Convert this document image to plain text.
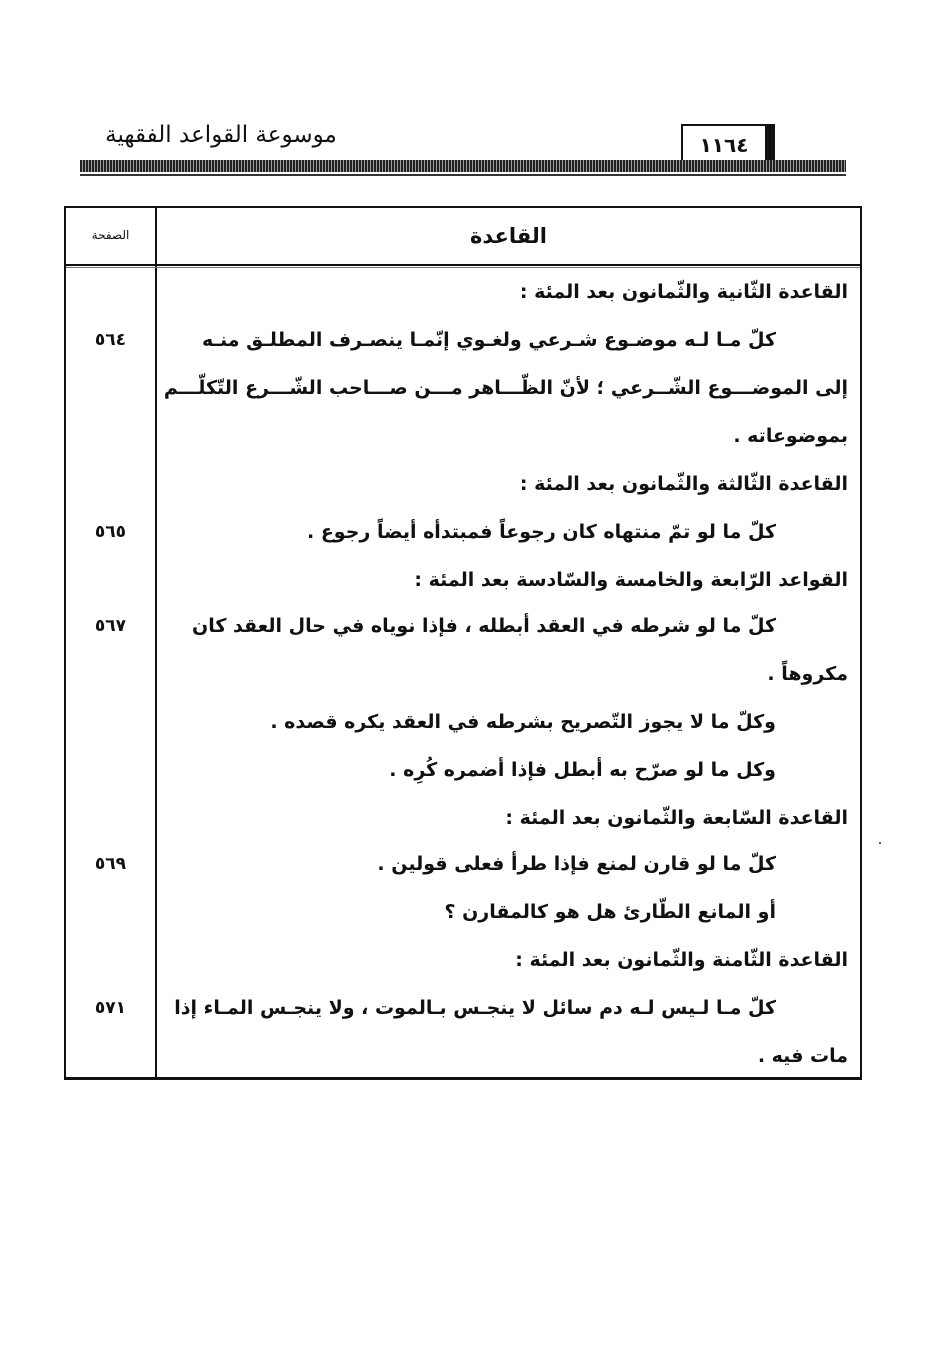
موسوعة القواعد الفقهية	١١٦٤
الصفحة	القاعدة
القاعدة الثّانية والثّمانون بعد المئة :
كلّ مـا لـه موضـوع شـرعي ولغـوي إنّمـا ينصـرف المطلـق منـه
٥٦٤
إلى الموضـــوع الشّــرعي ؛ لأنّ الظّـــاهر مـــن صـــاحب الشّـــرع التّكلّـــم
بموضوعاته .
القاعدة الثّالثة والثّمانون بعد المئة :
كلّ ما لو تمّ منتهاه كان رجوعاً فمبتدأه أيضاً رجوع .
٥٦٥
القواعد الرّابعة والخامسة والسّادسة بعد المئة :
كلّ ما لو شرطه في العقد أبطله ، فإذا نوياه في حال العقد كان
٥٦٧
مكروهاً .
وكلّ ما لا يجوز التّصريح بشرطه في العقد يكره قصده .
وكل ما لو صرّح به أبطل فإذا أضمره كُرِه .
القاعدة السّابعة والثّمانون بعد المئة :
كلّ ما لو قارن لمنع فإذا طرأ فعلى قولين .
٥٦٩
أو المانع الطّارئ هل هو كالمقارن ؟
القاعدة الثّامنة والثّمانون بعد المئة :
كلّ مـا لـيس لـه دم سائل لا ينجـس بـالموت ، ولا ينجـس المـاء إذا
٥٧١
مات فيه .
